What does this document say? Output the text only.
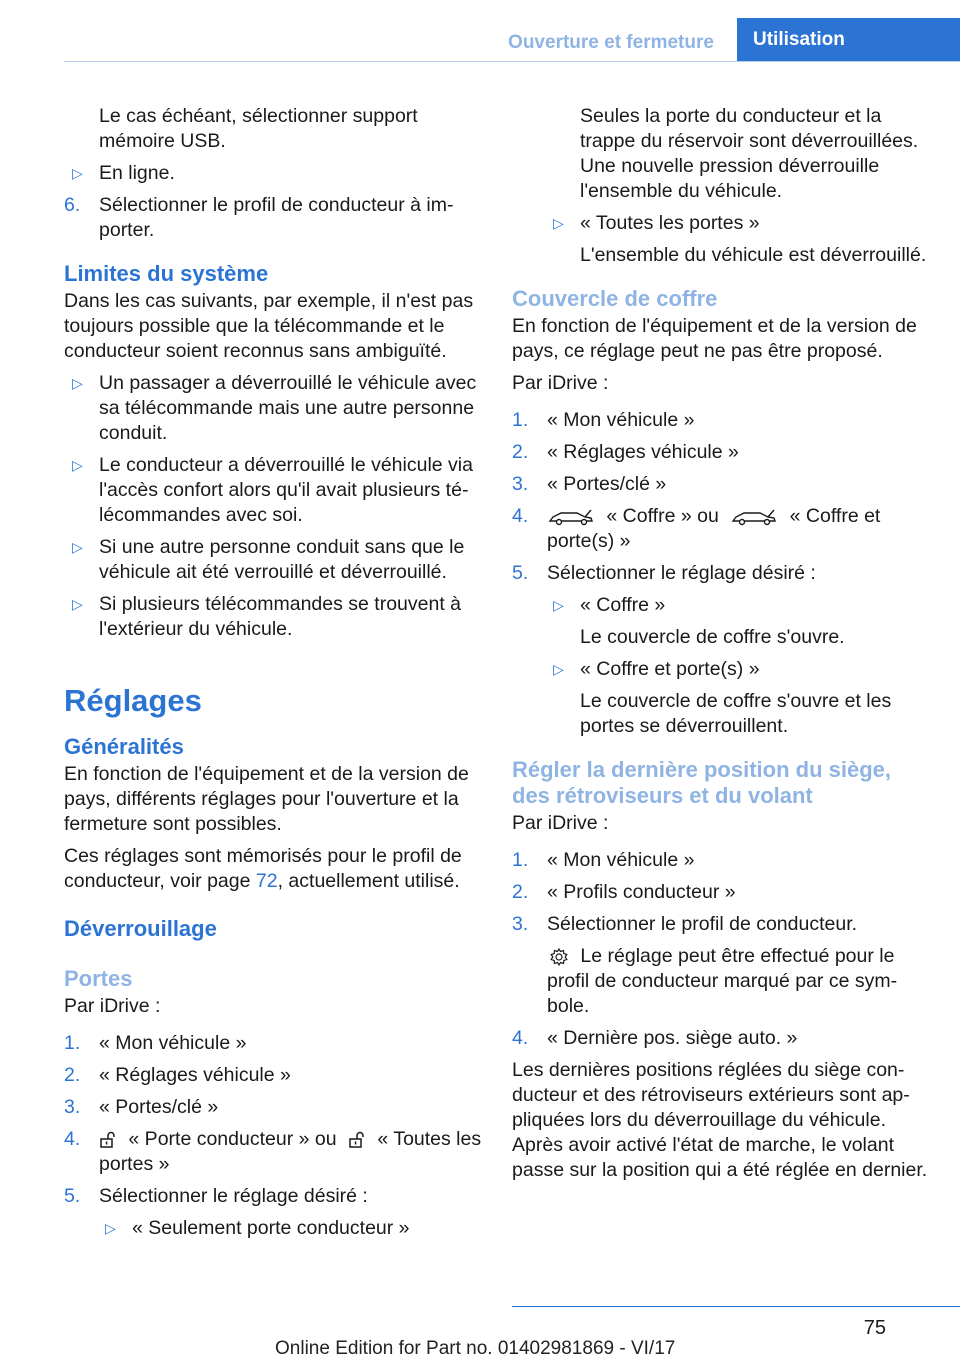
Ouverture et fermeture	Utilisation

Le cas échéant, sélectionner support mémoire USB.

▷ En ligne.
6. Sélectionner le profil de conducteur à importer.
Limites du système

Dans les cas suivants, par exemple, il n'est pas toujours possible que la télécommande et le conducteur soient reconnus sans ambiguïté.

▷ Un passager a déverrouillé le véhicule avec sa télécommande mais une autre personne conduit.
▷ Le conducteur a déverrouillé le véhicule via l'accès confort alors qu'il avait plusieurs télécommandes avec soi.
▷ Si une autre personne conduit sans que le véhicule ait été verrouillé et déverrouillé.
▷ Si plusieurs télécommandes se trouvent à l'extérieur du véhicule.
Réglages
Généralités

En fonction de l'équipement et de la version de pays, différents réglages pour l'ouverture et la fermeture sont possibles.

Ces réglages sont mémorisés pour le profil de conducteur, voir page 72, actuellement utilisé.

Déverrouillage
Portes

Par iDrive :

1. « Mon véhicule »
2. « Réglages véhicule »
3. « Portes/clé »
4. « Porte conducteur » ou « Toutes les portes »
5. Sélectionner le réglage désiré :
▷ « Seulement porte conducteur »

Seules la porte du conducteur et la trappe du réservoir sont déverrouillées. Une nouvelle pression déverrouille l'ensemble du véhicule.

▷ « Toutes les portes »

L'ensemble du véhicule est déverrouillé.

Couvercle de coffre

En fonction de l'équipement et de la version de pays, ce réglage peut ne pas être proposé.

Par iDrive :

1. « Mon véhicule »
2. « Réglages véhicule »
3. « Portes/clé »
4.	« Coffre » ou	« Coffre et porte(s) »
5. Sélectionner le réglage désiré :
▷ « Coffre »

Le couvercle de coffre s'ouvre.

▷ « Coffre et porte(s) »

Le couvercle de coffre s'ouvre et les portes se déverrouillent.

Régler la dernière position du siège, des rétroviseurs et du volant

Par iDrive :

1. « Mon véhicule »
2. « Profils conducteur »
3. Sélectionner le profil de conducteur.

Le réglage peut être effectué pour le profil de conducteur marqué par ce symbole.

4. « Dernière pos. siège auto. »

Les dernières positions réglées du siège conducteur et des rétroviseurs extérieurs sont appliquées lors du déverrouillage du véhicule. Après avoir activé l'état de marche, le volant passe sur la position qui a été réglée en dernier.

75
Online Edition for Part no. 01402981869 - VI/17
